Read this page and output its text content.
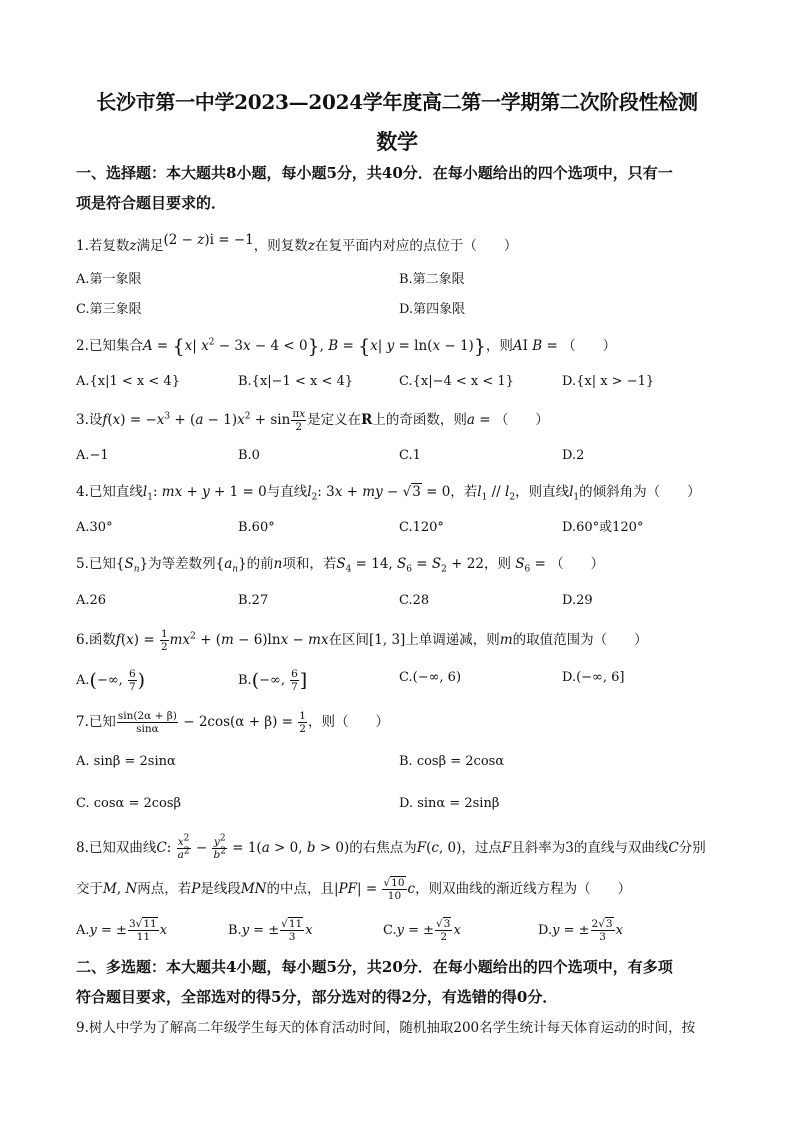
长沙市第一中学2023—2024学年度高二第一学期第二次阶段性检测
数学
一、选择题：本大题共8小题，每小题5分，共40分．在每小题给出的四个选项中，只有一
项是符合题目要求的．
1.若复数z满足(2 − z)i = −1，则复数z在复平面内对应的点位于（　　）
A.第一象限	B.第二象限
C.第三象限	D.第四象限
2.已知集合A = {x| $x^2 - 3x - 4 < 0$}, B = {x| y = ln(x − 1)}，则AI B = （　　）
A.{x|1 < x < 4}	B.{x|−1 < x < 4}	C.{x|−4 < x < 1}	D.{x| x > −1}
3.设$f(x) = -x^3 + (a - 1)x^2 + \sin \frac{\pi x}{2}$ 是定义在R上的奇函数，则a = （　　）
A.−1	B.0	C.1	D.2
4.已知直线$l_1$: mx + y + 1 = 0与直线$l_2$: 3x + my − √3 = 0，若$l_1 // l_2$，则直线$l_1$的倾斜角为（　　）
A.30°	B.60°	C.120°	D.60°或120°
5.已知$\{S_n\}$为等差数列$\{a_n\}$的前n项和，若$S_4 = 14$, $S_6 = S_2 + 22$，则 $S_6$ = （　　）
A.26	B.27	C.28	D.29
6.函数$f(x) = \frac{1}{2} mx^2 + (m - 6)\ln x$ − mx在区间[1, 3]上单调递减，则m的取值范围为（　　）
A.(−∞, $\frac{6}{7}$ )	B.(−∞, $\frac{6}{7}$ ]	C.(−∞, 6)	D.(−∞, 6]
7.已知 $\frac{\sin(2\alpha + \beta)}{\sin\alpha} - 2\cos(\alpha + \beta) = \frac{1}{2}$ ，则（　　）
A. sinβ = 2sinα	B. cosβ = 2cosα
C. cosα = 2cosβ	D. sinα = 2sinβ
8.已知双曲线C: $\frac{x^2}{a^2} - \frac{y^2}{b^2} = 1(a > 0$, b > 0)的右焦点为F(c, 0)，过点F且斜率为3的直线与双曲线C分别
交于M, N两点，若P是线段MN的中点，且$|PF| = \frac{√10}{10}$ c，则双曲线的渐近线方程为（　　）
A.y = ± $\frac{3√11}{11}$ x	B.y = ± $\frac{√11}{3}$ x	C.y = ± $\frac{√3}{2}$ x	D.y = ± $\frac{2√3}{3}$ x
二、多选题：本大题共4小题，每小题5分，共20分．在每小题给出的四个选项中，有多项
符合题目要求，全部选对的得5分，部分选对的得2分，有选错的得0分．
9.树人中学为了解高二年级学生每天的体育活动时间，随机抽取200名学生统计每天体育运动的时间，按
